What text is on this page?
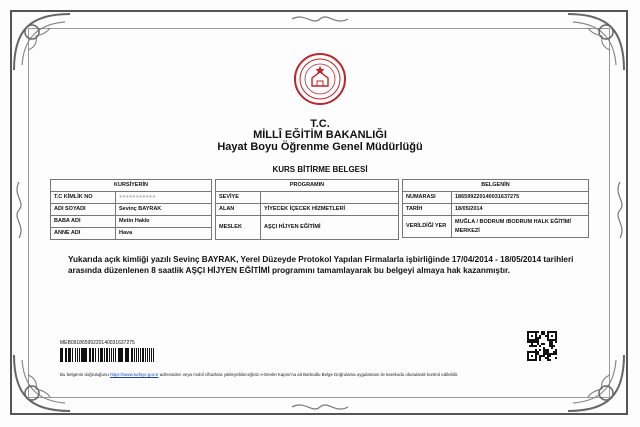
T.C.
MİLLÎ EĞİTİM BAKANLIĞI
Hayat Boyu Öğrenme Genel Müdürlüğü
KURS BİTİRME BELGESİ
KURSİYERİN	
T.C KİMLİK NO	●●●●●●●●●●●
ADI SOYADI	Sevinç BAYRAK
BABA ADI	Metin Hakkı
ANNE ADI	Hava
PROGRAMIN	
SEVİYE	
ALAN	YİYECEK İÇECEK HİZMETLERİ
MESLEK	AŞÇI HİJYEN EĞİTİMİ
BELGENİN	
NUMARASI	18659922014003163727​5
TARİH	18/05/2014
VERİLDİĞİ YER	MUĞLA / BODRUM /BODRUM HALK EĞİTİMİ MERKEZİ
Yukarıda açık kimliği yazılı Sevinç BAYRAK, Yerel Düzeyde Protokol Yapılan Firmalarla işbirliğinde 17/04/2014 - 18/05/2014 tarihleri arasında düzenlenen 8 saatlik AŞÇI HİJYEN EĞİTİMİ programını tamamlayarak bu belgeyi almaya hak kazanmıştır.
MEB09186599220140031637275
Bu belgenin doğruluğunu https://www.turkiye.gov.tr adresinden veya mobil cihazlara yükleyebileceğiniz e-Devlet Kapısı'na ait Barkodlu Belge Doğrulama uygulaması ile karekodu okutularak kontrol edilebilir.
